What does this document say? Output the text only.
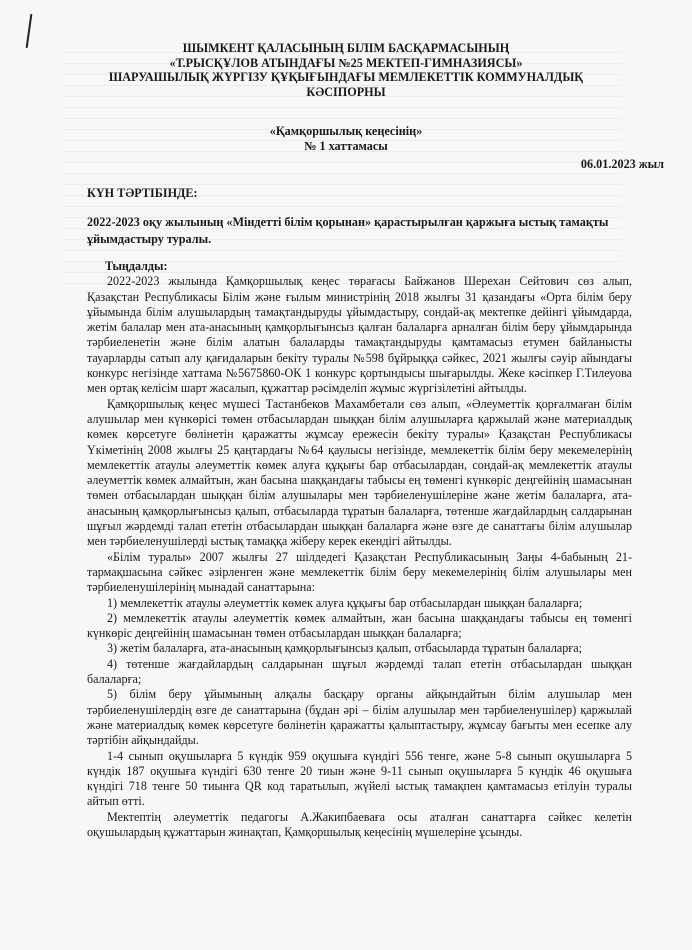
ШЫМКЕНТ ҚАЛАСЫНЫҢ БІЛІМ БАСҚАРМАСЫНЫҢ
«Т.РЫСҚҰЛОВ АТЫНДАҒЫ №25 МЕКТЕП-ГИМНАЗИЯСЫ»
ШАРУАШЫЛЫҚ ЖҮРГІЗУ ҚҰҚЫҒЫНДАҒЫ МЕМЛЕКЕТТІК КОММУНАЛДЫҚ
КӘСІПОРНЫ
«Қамқоршылық кеңесінің»
№ 1 хаттамасы
06.01.2023 жыл
КҮН ТӘРТІБІНДЕ:
2022-2023 оқу жылының «Міндетті білім қорынан» қарастырылған қаржыға ыстық тамақты ұйымдастыру туралы.
Тыңдалды:

2022-2023 жылында Қамқоршылық кеңес төрағасы Байжанов Шерехан Сейтович сөз алып, Қазақстан Республикасы Білім және ғылым министрінің 2018 жылғы 31 қазандағы «Орта білім беру ұйымында білім алушылардың тамақтандыруды ұйымдастыру, сондай-ақ мектепке дейінгі ұйымдарда, жетім балалар мен ата-анасының қамқорлығынсыз қалған балаларға арналған білім беру ұйымдарында тәрбиеленетін және білім алатын балаларды тамақтандыруды қамтамасыз етумен байланысты тауарларды сатып алу қағидаларын бекіту туралы №598 бұйрыққа сәйкес, 2021 жылғы сәуір айындағы конкурс негізінде хаттама №5675860-ОК 1 конкурс қортындысы шығарылды. Жеке кәсіпкер Г.Тилеуова мен ортақ келісім шарт жасалып, құжаттар рәсімделіп жұмыс жүргізілетіні айтылды.

Қамқоршылық кеңес мүшесі Тастанбеков Махамбетали сөз алып, «Әлеуметтік қорғалмаған білім алушылар мен күнкөрісі төмен отбасылардан шыққан білім алушыларға қаржылай және материалдық көмек көрсетуге бөлінетін қаражатты жұмсау ережесін бекіту туралы» Қазақстан Республикасы Үкіметінің 2008 жылғы 25 қаңтардағы №64 қаулысы негізінде, мемлекеттік білім беру мекемелерінің мемлекеттік атаулы әлеуметтік көмек алуға құқығы бар отбасылардан, сондай-ақ мемлекеттік атаулы әлеуметтік көмек алмайтын, жан басына шаққандағы табысы ең төменгі күнкөріс деңгейінің шамасынан төмен отбасылардан шыққан білім алушылары мен тәрбиеленушілеріне және жетім балаларға, ата-анасының қамқорлығынсыз қалып, отбасыларда тұратын балаларға, төтенше жағдайлардың салдарынан шұғыл жәрдемді талап ететін отбасылардан шыққан балаларға және өзге де санаттағы білім алушылар мен тәрбиеленушілерді ыстық тамаққа жіберу керек екендігі айтылды.

«Білім туралы» 2007 жылғы 27 шілдедегі Қазақстан Республикасының Заңы 4-бабының 21-тармақшасына сәйкес әзірленген және мемлекеттік білім беру мекемелерінің білім алушылары мен тәрбиеленушілерінің мынадай санаттарына:

1) мемлекеттік атаулы әлеуметтік көмек алуға құқығы бар отбасылардан шыққан балаларға;

2) мемлекеттік атаулы әлеуметтік көмек алмайтын, жан басына шаққандағы табысы ең төменгі күнкөріс деңгейінің шамасынан төмен отбасылардан шыққан балаларға;

3) жетім балаларға, ата-анасының қамқорлығынсыз қалып, отбасыларда тұратын балаларға;

4) төтенше жағдайлардың салдарынан шұғыл жәрдемді талап ететін отбасылардан шыққан балаларға;

5) білім беру ұйымының алқалы басқару органы айқындайтын білім алушылар мен тәрбиеленушілердің өзге де санаттарына (бұдан әрі – білім алушылар мен тәрбиеленушілер) қаржылай және материалдық көмек көрсетуге бөлінетін қаражатты қалыптастыру, жұмсау бағыты мен есепке алу тәртібін айқындайды.

1-4 сынып оқушыларға 5 күндік 959 оқушыға күндігі 556 тенге, және 5-8 сынып оқушыларға 5 күндік 187 оқушыға күндігі 630 тенге 20 тиын және 9-11 сынып оқушыларға 5 күндік 46 оқушыға күндігі 718 тенге 50 тиынға QR код таратылып, жүйелі ыстық тамақпен қамтамасыз етілуін туралы айтып өтті.

Мектептің әлеуметтік педагогы А.Жакипбаеваға осы аталған санаттарға сәйкес келетін оқушылардың құжаттарын жинақтап, Қамқоршылық кеңесінің мүшелеріне ұсынды.
